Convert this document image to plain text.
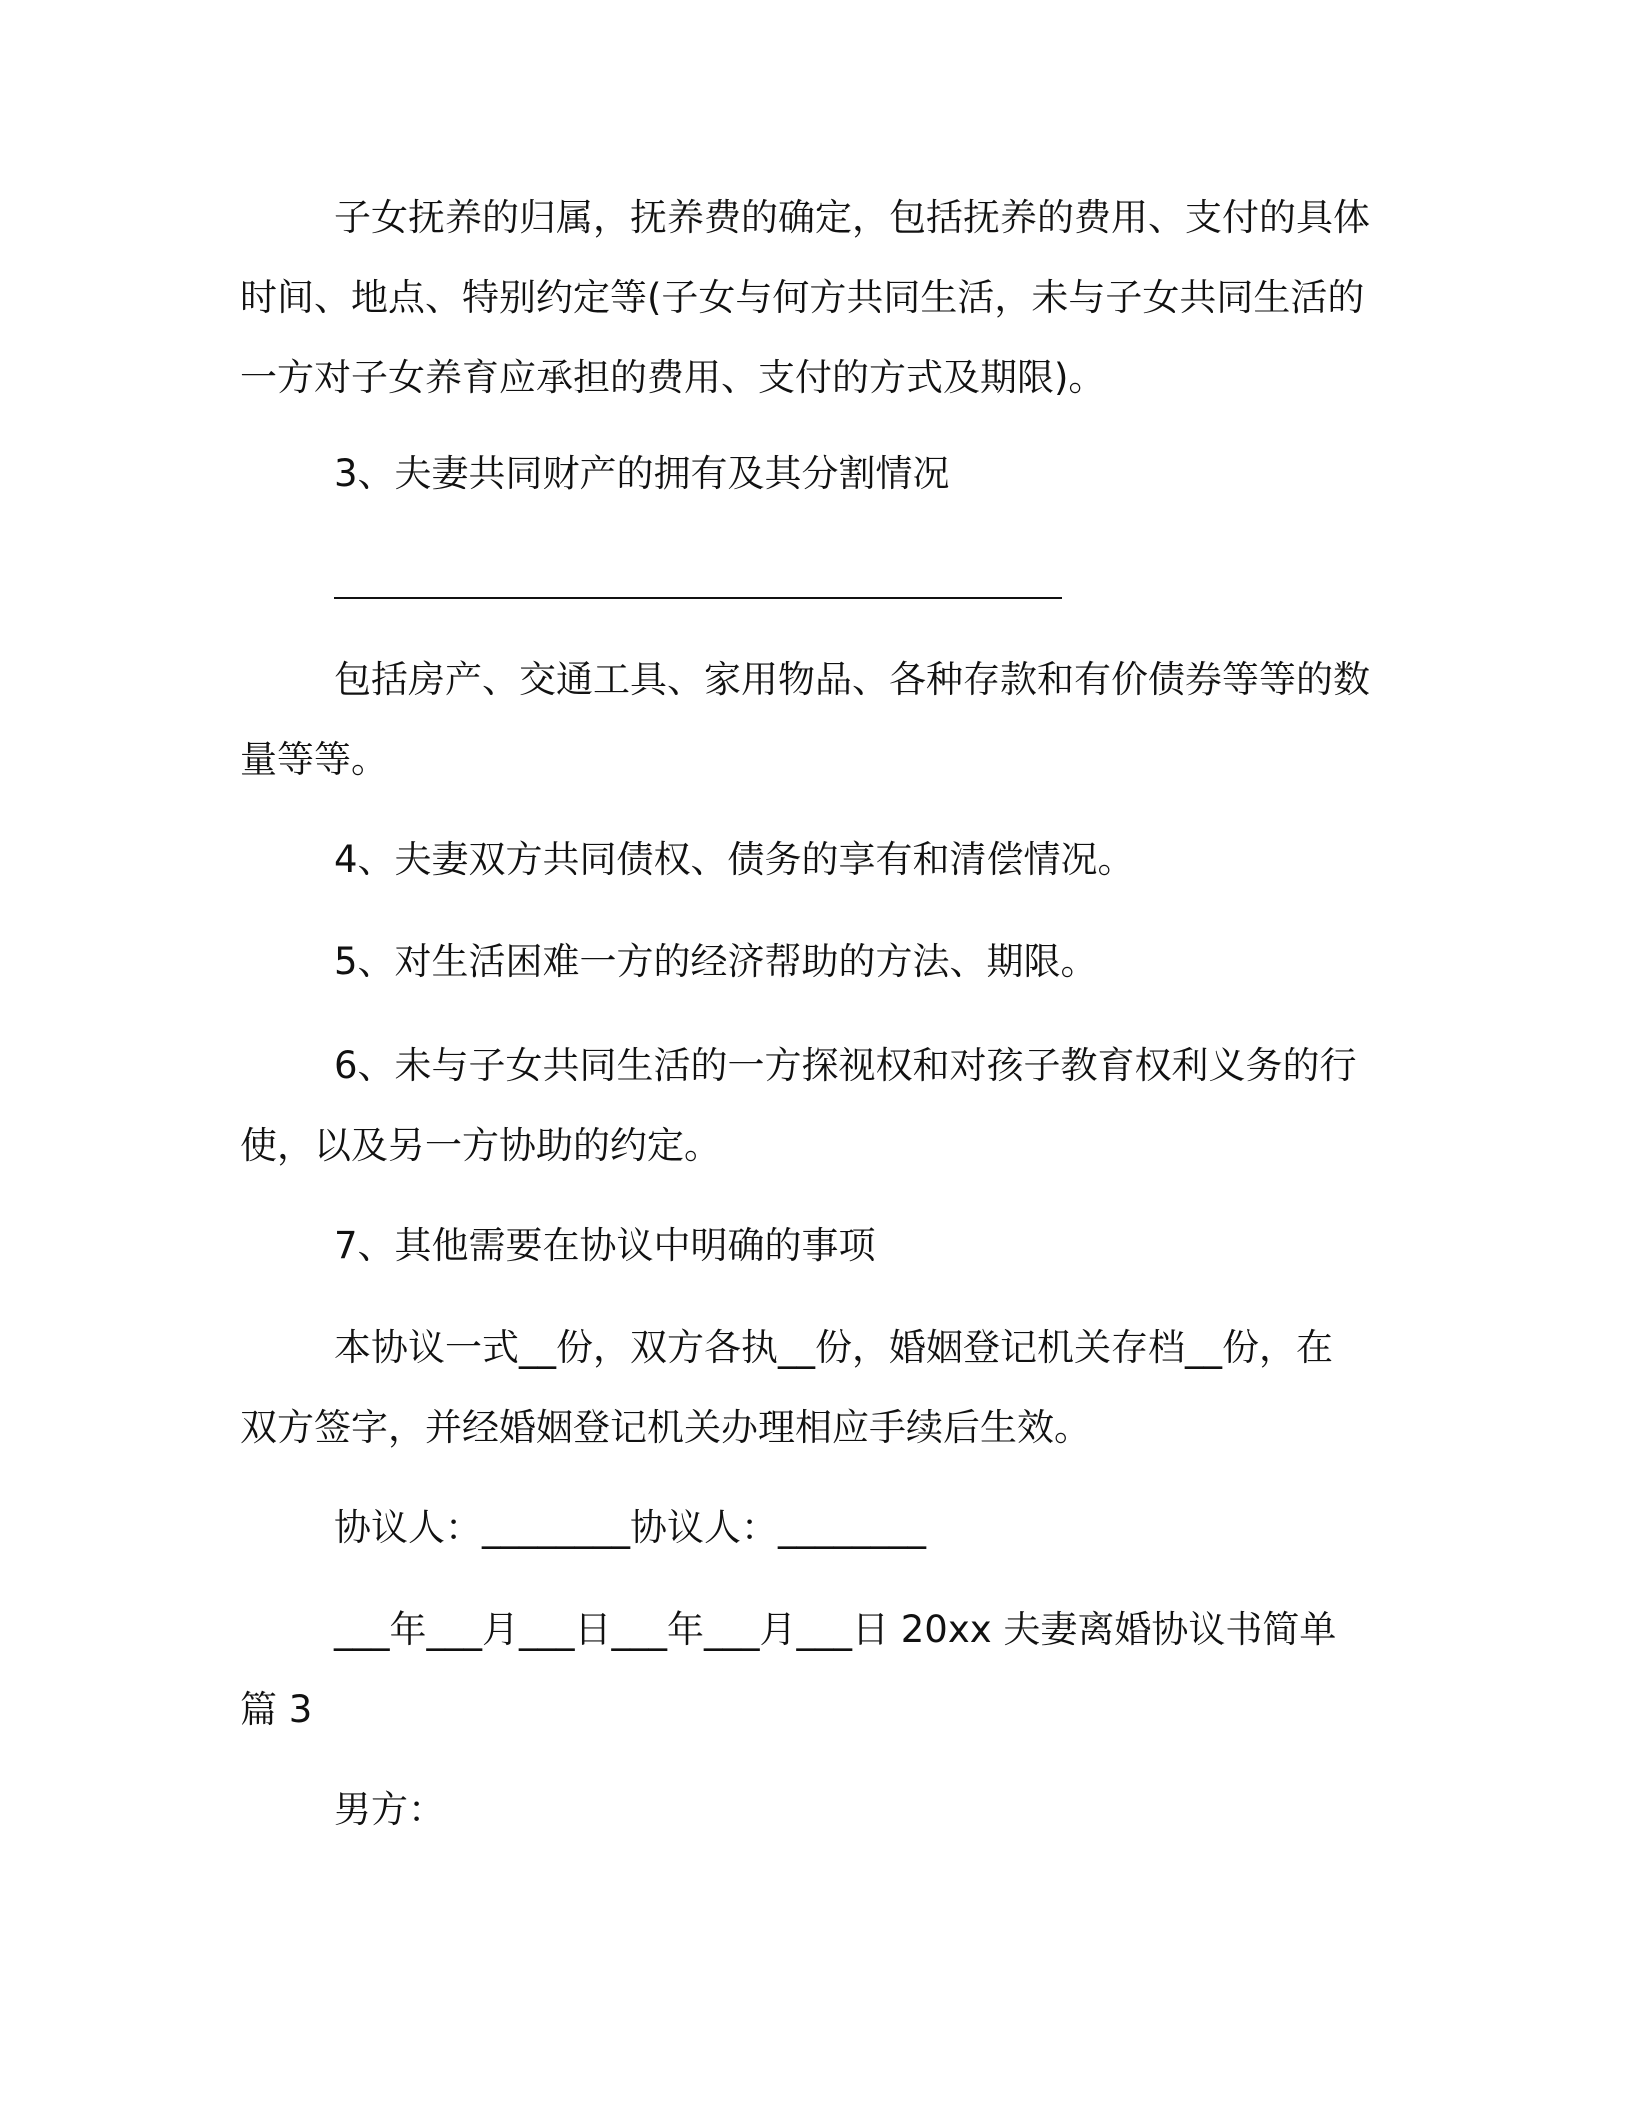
子女抚养的归属，抚养费的确定，包括抚养的费用、支付的具体
时间、地点、特别约定等(子女与何方共同生活，未与子女共同生活的
一方对子女养育应承担的费用、支付的方式及期限)。

3、夫妻共同财产的拥有及其分割情况

包括房产、交通工具、家用物品、各种存款和有价债券等等的数
量等等。

4、夫妻双方共同债权、债务的享有和清偿情况。

5、对生活困难一方的经济帮助的方法、期限。

6、未与子女共同生活的一方探视权和对孩子教育权利义务的行
使，以及另一方协助的约定。

7、其他需要在协议中明确的事项

本协议一式__份，双方各执__份，婚姻登记机关存档__份，在
双方签字，并经婚姻登记机关办理相应手续后生效。

协议人：________协议人：________

___年___月___日___年___月___日 20xx 夫妻离婚协议书简单
篇 3

男方：
